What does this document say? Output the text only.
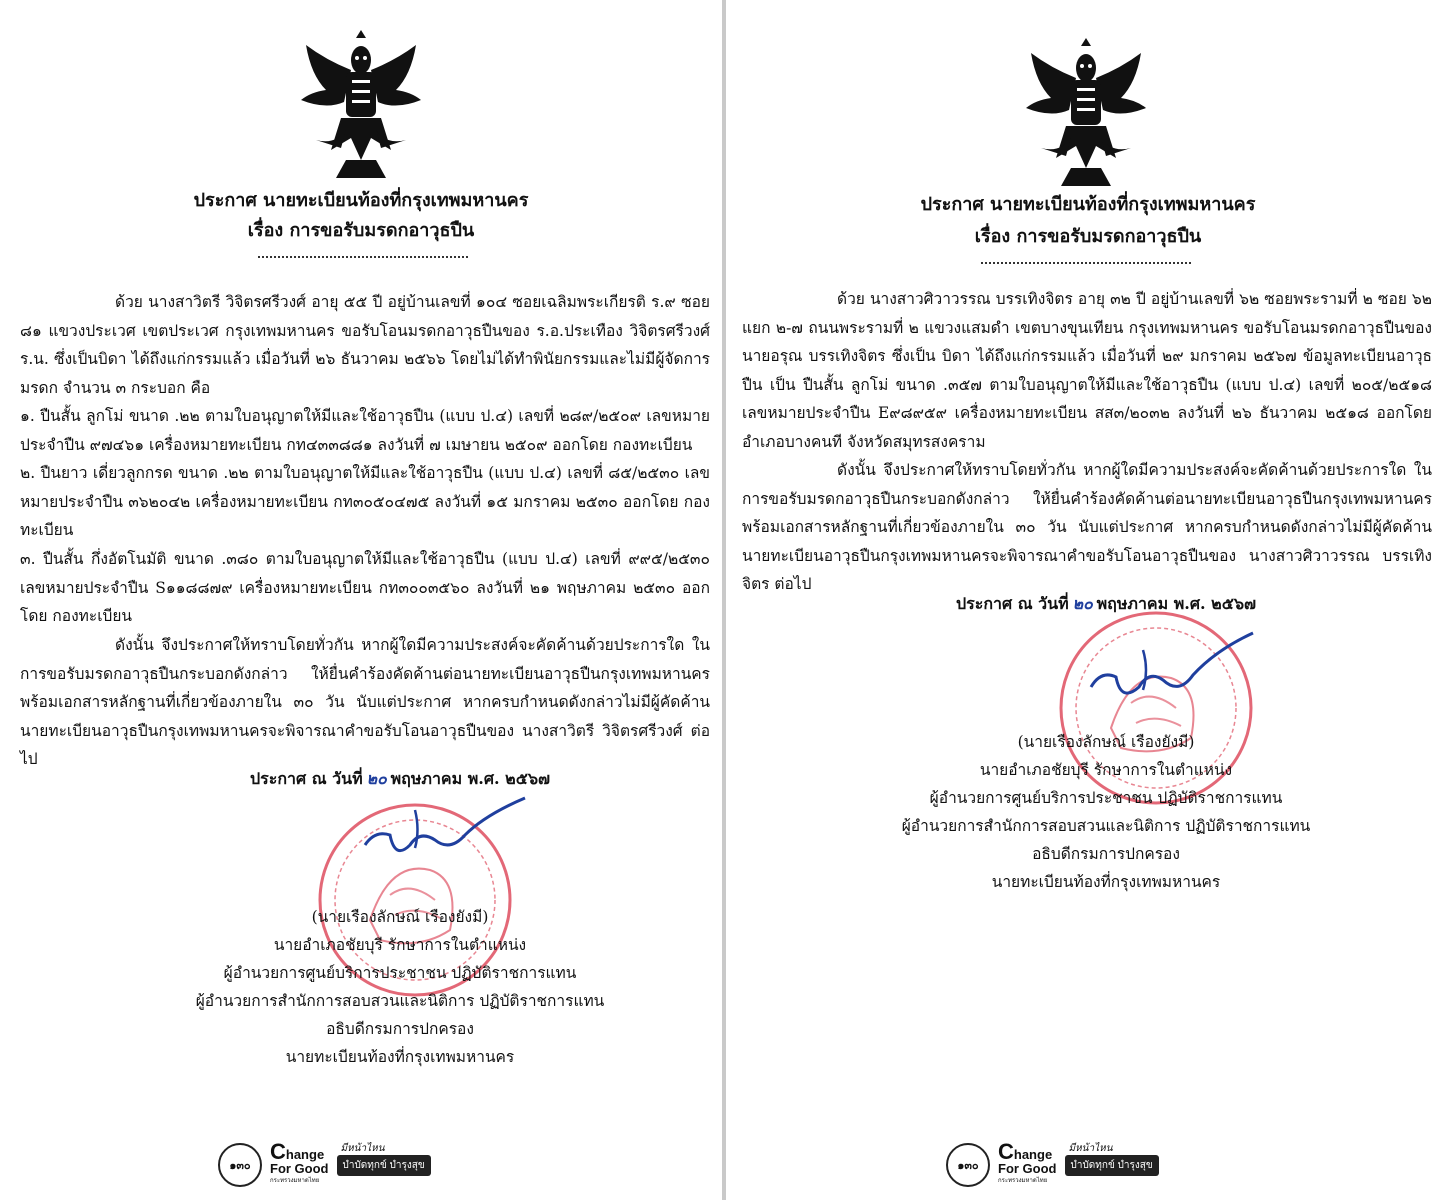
ประกาศ นายทะเบียนท้องที่กรุงเทพมหานคร
เรื่อง การขอรับมรดกอาวุธปืน

ด้วย นางสาวิตรี วิจิตรศรีวงศ์ อายุ ๕๕ ปี อยู่บ้านเลขที่ ๑๐๔ ซอยเฉลิมพระเกียรติ ร.๙ ซอย ๘๑ แขวงประเวศ เขตประเวศ กรุงเทพมหานคร ขอรับโอนมรดกอาวุธปืนของ ร.อ.ประเทือง วิจิตรศรีวงศ์ ร.น. ซึ่งเป็นบิดา ได้ถึงแก่กรรมแล้ว เมื่อวันที่ ๒๖ ธันวาคม ๒๕๖๖ โดยไม่ได้ทำพินัยกรรมและไม่มีผู้จัดการมรดก จำนวน ๓ กระบอก คือ

๑. ปืนสั้น ลูกโม่ ขนาด .๒๒ ตามใบอนุญาตให้มีและใช้อาวุธปืน (แบบ ป.๔) เลขที่ ๒๘๙/๒๕๐๙ เลขหมายประจำปืน ๙๗๔๖๑ เครื่องหมายทะเบียน กท๔๓๓๘๘๑ ลงวันที่ ๗ เมษายน ๒๕๐๙ ออกโดย กองทะเบียน

๒. ปืนยาว เดี่ยวลูกกรด ขนาด .๒๒ ตามใบอนุญาตให้มีและใช้อาวุธปืน (แบบ ป.๔) เลขที่ ๘๕/๒๕๓๐ เลขหมายประจำปืน ๓๖๒๐๔๒ เครื่องหมายทะเบียน กท๓๐๕๐๔๗๕ ลงวันที่ ๑๕ มกราคม ๒๕๓๐ ออกโดย กองทะเบียน

๓. ปืนสั้น กึ่งอัตโนมัติ ขนาด .๓๘๐ ตามใบอนุญาตให้มีและใช้อาวุธปืน (แบบ ป.๔) เลขที่ ๙๙๕/๒๕๓๐ เลขหมายประจำปืน S๑๑๘๘๗๙ เครื่องหมายทะเบียน กท๓๐๐๓๕๖๐ ลงวันที่ ๒๑ พฤษภาคม ๒๕๓๐ ออกโดย กองทะเบียน

ดังนั้น จึงประกาศให้ทราบโดยทั่วกัน หากผู้ใดมีความประสงค์จะคัดค้านด้วยประการใด ในการขอรับมรดกอาวุธปืนกระบอกดังกล่าว ให้ยื่นคำร้องคัดค้านต่อนายทะเบียนอาวุธปืนกรุงเทพมหานคร พร้อมเอกสารหลักฐานที่เกี่ยวข้องภายใน ๓๐ วัน นับแต่ประกาศ หากครบกำหนดดังกล่าวไม่มีผู้คัดค้าน นายทะเบียนอาวุธปืนกรุงเทพมหานครจะพิจารณาคำขอรับโอนอาวุธปืนของ นางสาวิตรี วิจิตรศรีวงศ์ ต่อไป

ประกาศ ณ วันที่ ๒๐ พฤษภาคม พ.ศ. ๒๕๖๗
(นายเรืองลักษณ์ เรืองยังมี)
นายอำเภอชัยบุรี รักษาการในตำแหน่ง
ผู้อำนวยการศูนย์บริการประชาชน ปฏิบัติราชการแทน
ผู้อำนวยการสำนักการสอบสวนและนิติการ ปฏิบัติราชการแทน
อธิบดีกรมการปกครอง
นายทะเบียนท้องที่กรุงเทพมหานคร
๑๓๐
Change
For Good
กระทรวงมหาดไทย
มีหน้าไหน
บำบัดทุกข์ บำรุงสุข
ประกาศ นายทะเบียนท้องที่กรุงเทพมหานคร
เรื่อง การขอรับมรดกอาวุธปืน

ด้วย นางสาวศิวาวรรณ บรรเทิงจิตร อายุ ๓๒ ปี อยู่บ้านเลขที่ ๖๒ ซอยพระรามที่ ๒ ซอย ๖๒ แยก ๒-๗ ถนนพระรามที่ ๒ แขวงแสมดำ เขตบางขุนเทียน กรุงเทพมหานคร ขอรับโอนมรดกอาวุธปืนของ นายอรุณ บรรเทิงจิตร ซึ่งเป็น บิดา ได้ถึงแก่กรรมแล้ว เมื่อวันที่ ๒๙ มกราคม ๒๕๖๗ ข้อมูลทะเบียนอาวุธปืน เป็น ปืนสั้น ลูกโม่ ขนาด .๓๕๗ ตามใบอนุญาตให้มีและใช้อาวุธปืน (แบบ ป.๔) เลขที่ ๒๐๕/๒๕๑๘ เลขหมายประจำปืน E๙๘๙๕๙ เครื่องหมายทะเบียน สส๓/๒๐๓๒ ลงวันที่ ๒๖ ธันวาคม ๒๕๑๘ ออกโดย อำเภอบางคนที จังหวัดสมุทรสงคราม

ดังนั้น จึงประกาศให้ทราบโดยทั่วกัน หากผู้ใดมีความประสงค์จะคัดค้านด้วยประการใด ในการขอรับมรดกอาวุธปืนกระบอกดังกล่าว ให้ยื่นคำร้องคัดค้านต่อนายทะเบียนอาวุธปืนกรุงเทพมหานคร พร้อมเอกสารหลักฐานที่เกี่ยวข้องภายใน ๓๐ วัน นับแต่ประกาศ หากครบกำหนดดังกล่าวไม่มีผู้คัดค้าน นายทะเบียนอาวุธปืนกรุงเทพมหานครจะพิจารณาคำขอรับโอนอาวุธปืนของ นางสาวศิวาวรรณ บรรเทิงจิตร ต่อไป

ประกาศ ณ วันที่ ๒๐ พฤษภาคม พ.ศ. ๒๕๖๗
(นายเรืองลักษณ์ เรืองยังมี)
นายอำเภอชัยบุรี รักษาการในตำแหน่ง
ผู้อำนวยการศูนย์บริการประชาชน ปฏิบัติราชการแทน
ผู้อำนวยการสำนักการสอบสวนและนิติการ ปฏิบัติราชการแทน
อธิบดีกรมการปกครอง
นายทะเบียนท้องที่กรุงเทพมหานคร
๑๓๐
Change
For Good
กระทรวงมหาดไทย
มีหน้าไหน
บำบัดทุกข์ บำรุงสุข
